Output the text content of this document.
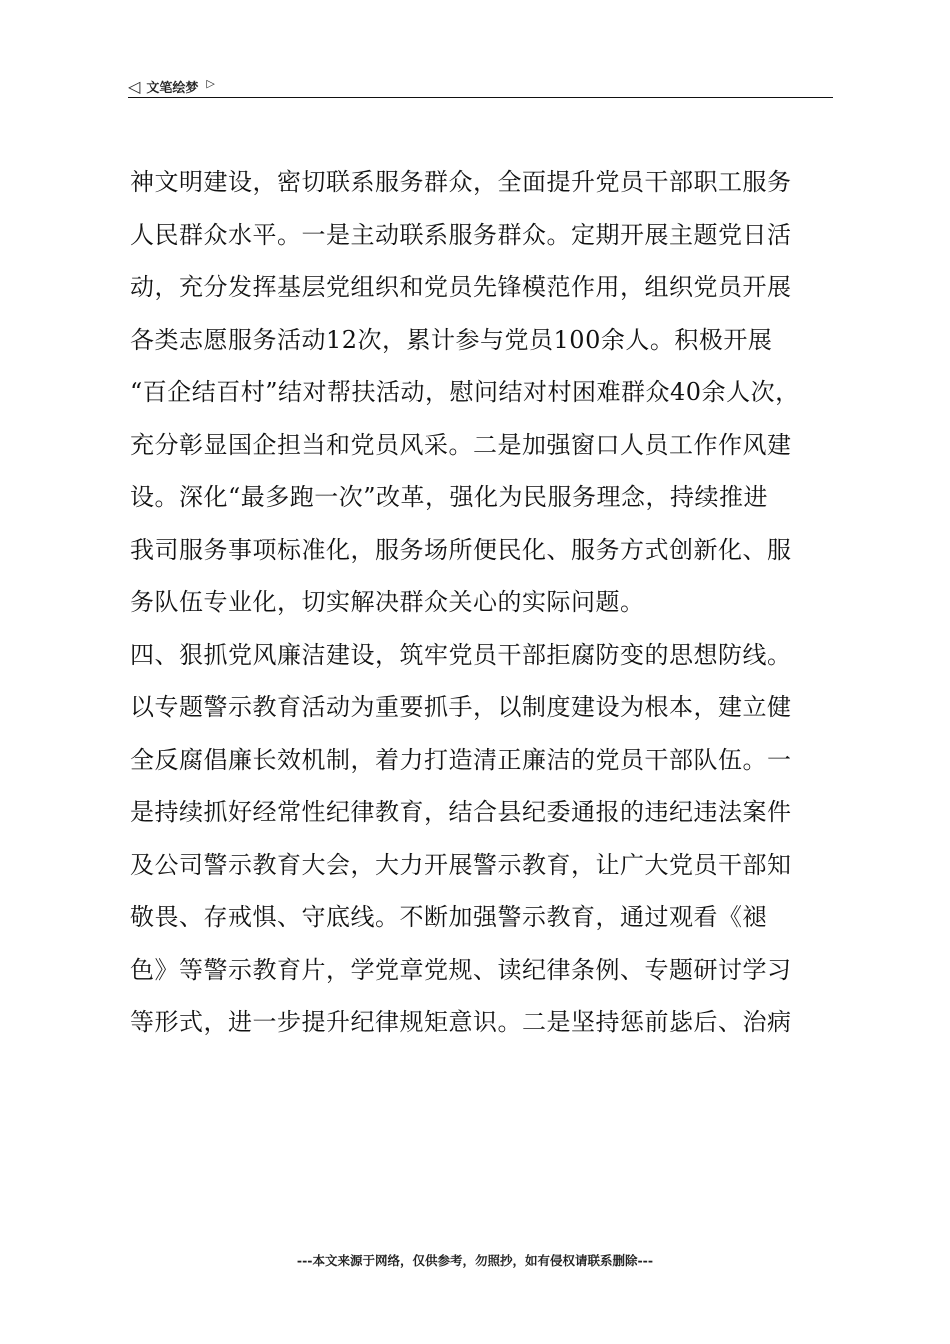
◁ 文笔绘梦 ▷
神文明建设，密切联系服务群众，全面提升党员干部职工服务
人民群众水平。一是主动联系服务群众。定期开展主题党日活
动，充分发挥基层党组织和党员先锋模范作用，组织党员开展
各类志愿服务活动12次，累计参与党员100余人。积极开展
“百企结百村”结对帮扶活动，慰问结对村困难群众40余人次，
充分彰显国企担当和党员风采。二是加强窗口人员工作作风建
设。深化“最多跑一次”改革，强化为民服务理念，持续推进
我司服务事项标准化，服务场所便民化、服务方式创新化、服
务队伍专业化，切实解决群众关心的实际问题。
四、狠抓党风廉洁建设，筑牢党员干部拒腐防变的思想防线。
以专题警示教育活动为重要抓手，以制度建设为根本，建立健
全反腐倡廉长效机制，着力打造清正廉洁的党员干部队伍。一
是持续抓好经常性纪律教育，结合县纪委通报的违纪违法案件
及公司警示教育大会，大力开展警示教育，让广大党员干部知
敬畏、存戒惧、守底线。不断加强警示教育，通过观看《褪
色》等警示教育片，学党章党规、读纪律条例、专题研讨学习
等形式，进一步提升纪律规矩意识。二是坚持惩前毖后、治病
---本文来源于网络，仅供参考，勿照抄，如有侵权请联系删除---
